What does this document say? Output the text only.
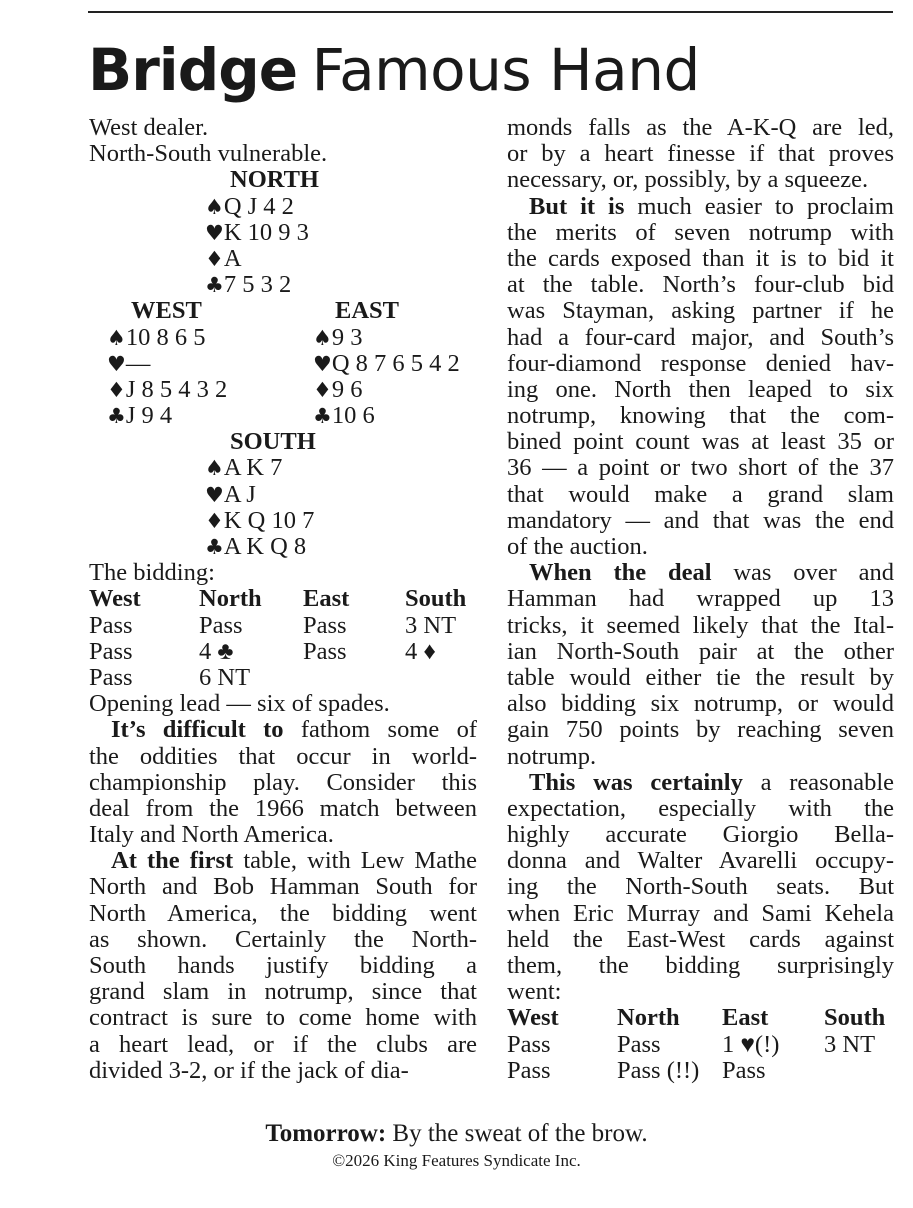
Bridge Famous Hand
West dealer.
North-South vulnerable.
NORTH
♠Q J 4 2
♥K 10 9 3
♦A
♣7 5 3 2
WEST	EAST
♠10 8 6 5	♠9 3
♥—	♥Q 8 7 6 5 4 2
♦J 8 5 4 3 2	♦9 6
♣J 9 4	♣10 6
SOUTH
♠A K 7
♥A J
♦K Q 10 7
♣A K Q 8
The bidding:
West North East South
Pass	Pass Pass 3 NT
Pass	4 ♣	Pass 4 ♦
Pass	6 NT
Opening lead — six of spades.
It’s difficult to fathom some of
the oddities that occur in world-
championship play. Consider this
deal from the 1966 match between
Italy and North America.
At the first table, with Lew Mathe
North and Bob Hamman South for
North America, the bidding went
as shown. Certainly the North-
South hands justify bidding a
grand slam in notrump, since that
contract is sure to come home with
a heart lead, or if the clubs are
divided 3-2, or if the jack of dia-
monds falls as the A-K-Q are led,
or by a heart finesse if that proves
necessary, or, possibly, by a squeeze.
But it is much easier to proclaim
the merits of seven notrump with
the cards exposed than it is to bid it
at the table. North’s four-club bid
was Stayman, asking partner if he
had a four-card major, and South’s
four-diamond response denied hav-
ing one. North then leaped to six
notrump, knowing that the com-
bined point count was at least 35 or
36 — a point or two short of the 37
that would make a grand slam
mandatory — and that was the end
of the auction.
When the deal was over and
Hamman had wrapped up 13
tricks, it seemed likely that the Ital-
ian North-South pair at the other
table would either tie the result by
also bidding six notrump, or would
gain 750 points by reaching seven
notrump.
This was certainly a reasonable
expectation, especially with the
highly accurate Giorgio Bella-
donna and Walter Avarelli occupy-
ing the North-South seats. But
when Eric Murray and Sami Kehela
held the East-West cards against
them, the bidding surprisingly
went:
West North East South
Pass	Pass	1 ♥(!) 3 NT
Pass	Pass (!!) Pass
Tomorrow: By the sweat of the brow.
©2026 King Features Syndicate Inc.
